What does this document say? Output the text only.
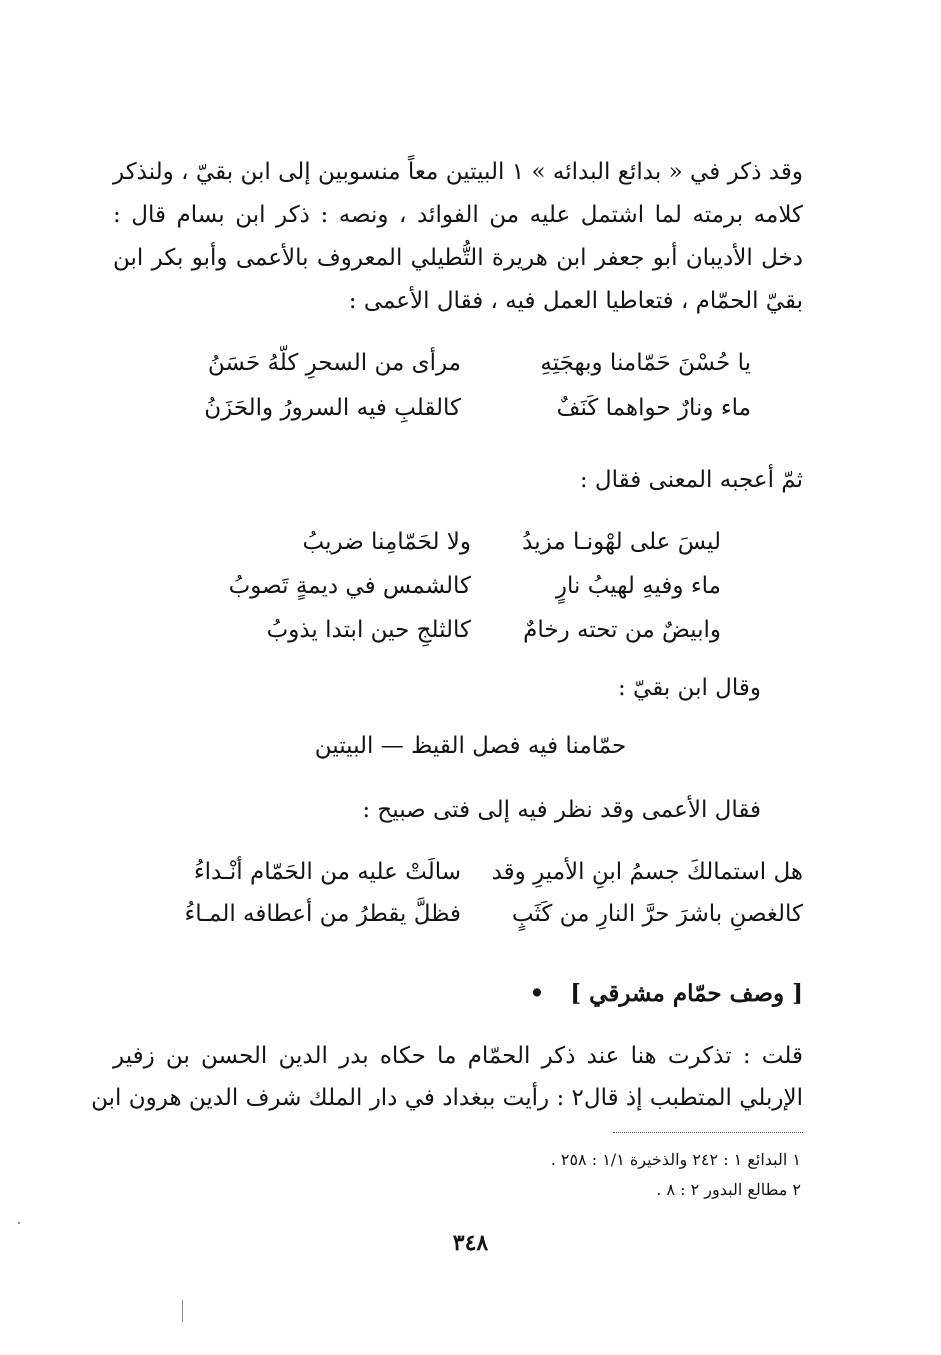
وقد ذكر في « بدائع البدائه » ١ البيتين معاً منسوبين إلى ابن بقيّ ، ولنذكر
كلامه برمته لما اشتمل عليه من الفوائد ، ونصه : ذكر ابن بسام قال :
دخل الأديبان أبو جعفر ابن هريرة التُّطيلي المعروف بالأعمى وأبو بكر ابن
بقيّ الحمّام ، فتعاطيا العمل فيه ، فقال الأعمى :
يا حُسْنَ حَمّامنا وبهجَتِهِ
مرأى من السحرِ كلّهُ حَسَنُ
ماء ونارٌ حواهما كَنَفٌ
كالقلبِ فيه السرورُ والحَزَنُ
ثمّ أعجبه المعنى فقال :
ليسَ على لهْونـا مزيدُ
ولا لحَمّامِنا ضريبُ
ماء وفيهِ لهيبُ نارٍ
كالشمس في ديمةٍ تَصوبُ
وابيضٌ من تحته رخامٌ
كالثلجِ حين ابتدا يذوبُ
وقال ابن بقيّ :
حمّامنا فيه فصل القيظ — البيتين
فقال الأعمى وقد نظر فيه إلى فتى صبيح :
هل استمالكَ جسمُ ابنِ الأميرِ وقد
سالَتْ عليه من الحَمّام أنْـداءُ
كالغصنِ باشرَ حرَّ النارِ من كَثَبٍ
فظلَّ يقطرُ من أعطافه المـاءُ
[ وصف حمّام مشرقي ] •
قلت : تذكرت هنا عند ذكر الحمّام ما حكاه بدر الدين الحسن بن زفير
الإربلي المتطبب إذ قال٢ : رأيت ببغداد في دار الملك شرف الدين هرون ابن
١ البدائع ١ : ٢٤٢ والذخيرة ١/١ : ٢٥٨ .
٢ مطالع البدور ٢ : ٨ .
٣٤٨
